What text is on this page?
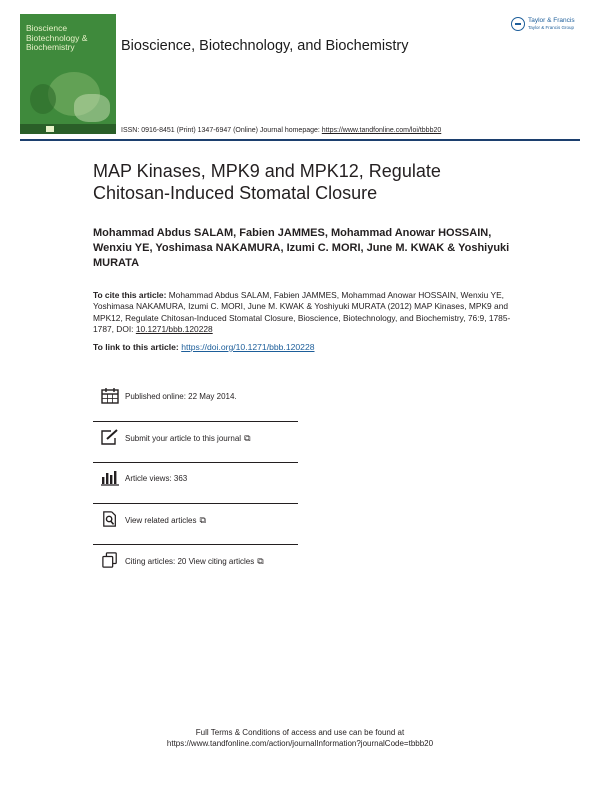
Bioscience Biotechnology & Biochemistry	Bioscience, Biotechnology, and Biochemistry
Taylor & Francis
Taylor & Francis Group
ISSN: 0916-8451 (Print) 1347-6947 (Online) Journal homepage: https://www.tandfonline.com/loi/tbbb20
MAP Kinases, MPK9 and MPK12, Regulate Chitosan-Induced Stomatal Closure
Mohammad Abdus SALAM, Fabien JAMMES, Mohammad Anowar HOSSAIN, Wenxiu YE, Yoshimasa NAKAMURA, Izumi C. MORI, June M. KWAK & Yoshiyuki MURATA
To cite this article: Mohammad Abdus SALAM, Fabien JAMMES, Mohammad Anowar HOSSAIN, Wenxiu YE, Yoshimasa NAKAMURA, Izumi C. MORI, June M. KWAK & Yoshiyuki MURATA (2012) MAP Kinases, MPK9 and MPK12, Regulate Chitosan-Induced Stomatal Closure, Bioscience, Biotechnology, and Biochemistry, 76:9, 1785-1787, DOI: 10.1271/bbb.120228
To link to this article: https://doi.org/10.1271/bbb.120228
Published online: 22 May 2014.
Submit your article to this journal ⧉
Article views: 363
View related articles ⧉
Citing articles: 20 View citing articles ⧉
Full Terms & Conditions of access and use can be found at
https://www.tandfonline.com/action/journalInformation?journalCode=tbbb20
